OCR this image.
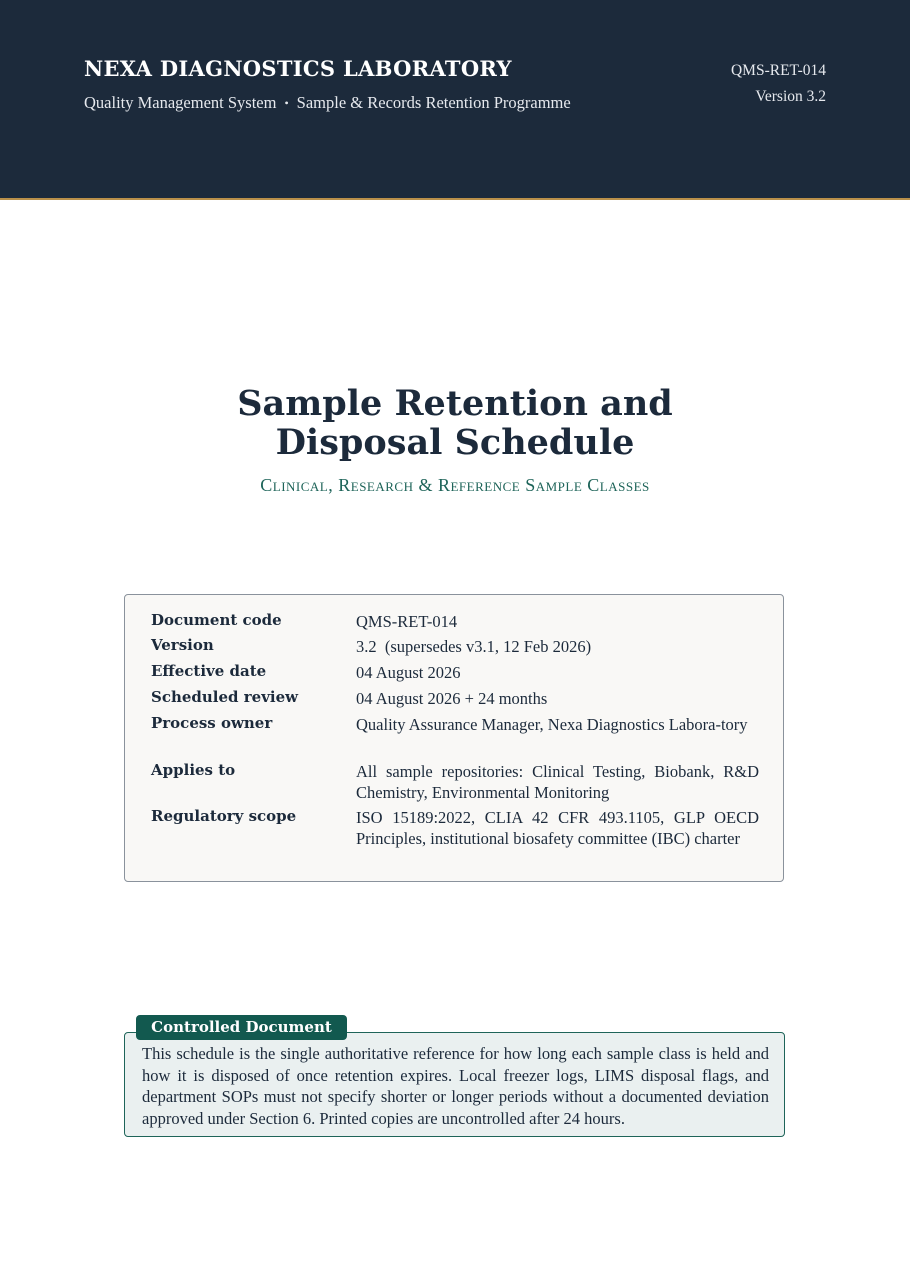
NEXA DIAGNOSTICS LABORATORY
Quality Management System • Sample & Records Retention Programme
QMS-RET-014
Version 3.2
Sample Retention and
Disposal Schedule
Clinical, Research & Reference Sample Classes
Document code	QMS-RET-014
Version	3.2  (supersedes v3.1, 12 Feb 2026)
Effective date	04 August 2026
Scheduled review	04 August 2026 + 24 months
Process owner	Quality Assurance Manager, Nexa Diagnostics Labora-tory
Applies to	All sample repositories: Clinical Testing, Biobank, R&D Chemistry, Environmental Monitoring
Regulatory scope	ISO 15189:2022, CLIA 42 CFR 493.1105, GLP OECD Principles, institutional biosafety committee (IBC) charter
This schedule is the single authoritative reference for how long each sample class is held and how it is disposed of once retention expires. Local freezer logs, LIMS disposal flags, and department SOPs must not specify shorter or longer periods without a documented deviation approved under Section 6. Printed copies are uncontrolled after 24 hours.
Controlled Document
